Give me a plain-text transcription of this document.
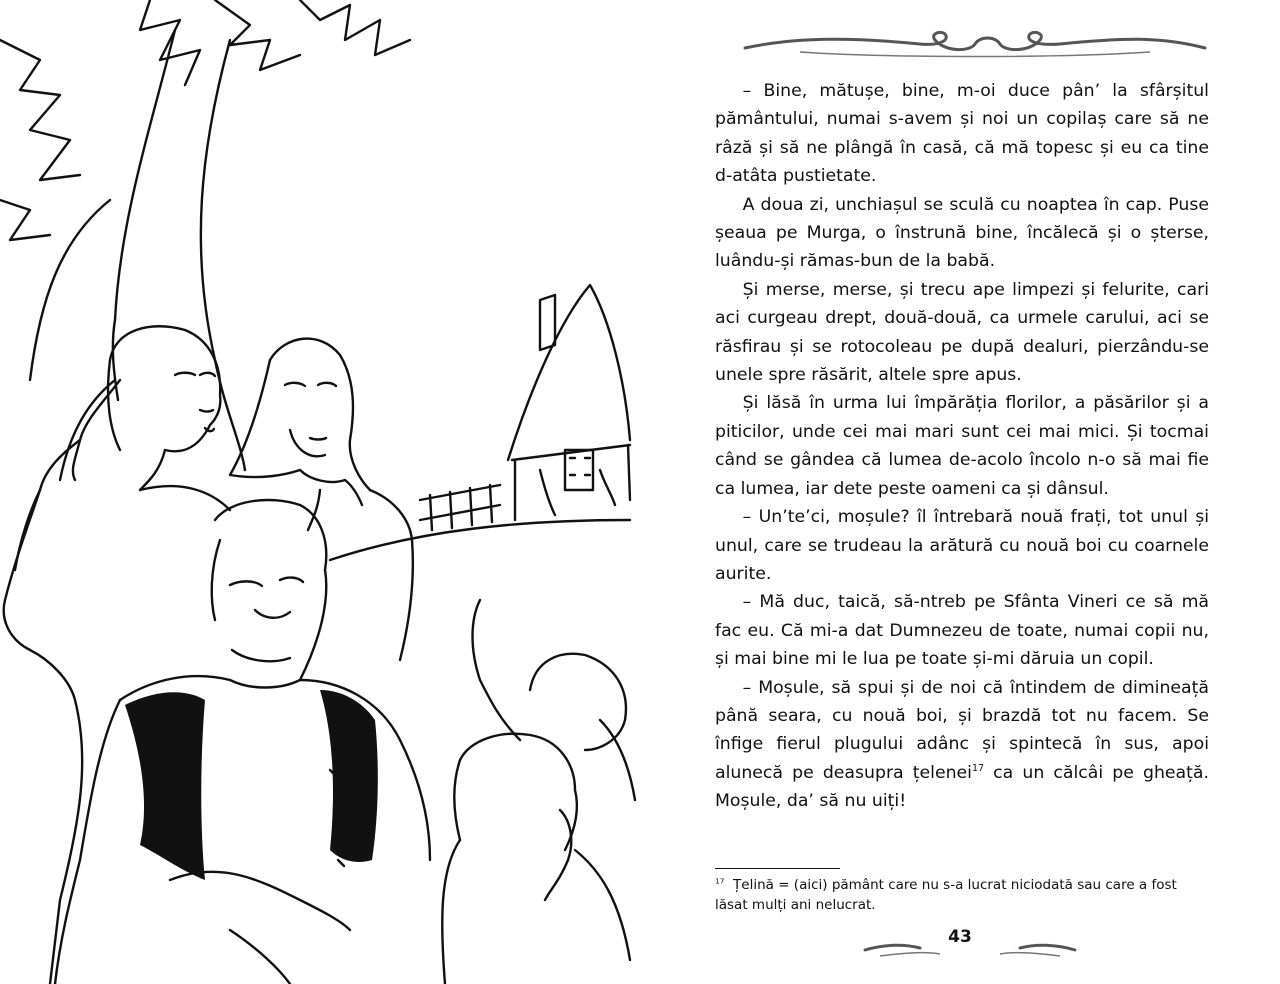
– Bine, mătușe, bine, m-oi duce pân’ la sfârșitul pământului, numai s-avem și noi un copilaș care să ne râză și să ne plângă în casă, că mă topesc și eu ca tine d-atâta pustietate.

A doua zi, unchiașul se sculă cu noaptea în cap. Puse șeaua pe Murga, o înstrună bine, încălecă și o șterse, luându-și rămas-bun de la babă.

Și merse, merse, și trecu ape limpezi și felurite, cari aci curgeau drept, două-două, ca urmele carului, aci se răsfirau și se rotocoleau pe după dealuri, pierzându-se unele spre răsărit, altele spre apus.

Și lăsă în urma lui împărăția florilor, a păsărilor și a piticilor, unde cei mai mari sunt cei mai mici. Și tocmai când se gândea că lumea de-acolo încolo n-o să mai fie ca lumea, iar dete peste oameni ca și dânsul.

– Un’te’ci, moșule? îl întrebară nouă frați, tot unul și unul, care se trudeau la arătură cu nouă boi cu coarnele aurite.

– Mă duc, taică, să-ntreb pe Sfânta Vineri ce să mă fac eu. Că mi-a dat Dumnezeu de toate, numai copii nu, și mai bine mi le lua pe toate și-mi dăruia un copil.

– Moșule, să spui și de noi că întindem de dimineață până seara, cu nouă boi, și brazdă tot nu facem. Se înfige fierul plugului adânc și spintecă în sus, apoi alunecă pe deasupra țelenei$^{17}$ ca un călcâi pe gheață. Moșule, da’ să nu uiți!

$^{17}$ Țelină = (aici) pământ care nu s-a lucrat niciodată sau care a fost lăsat mulți ani nelucrat.
43
